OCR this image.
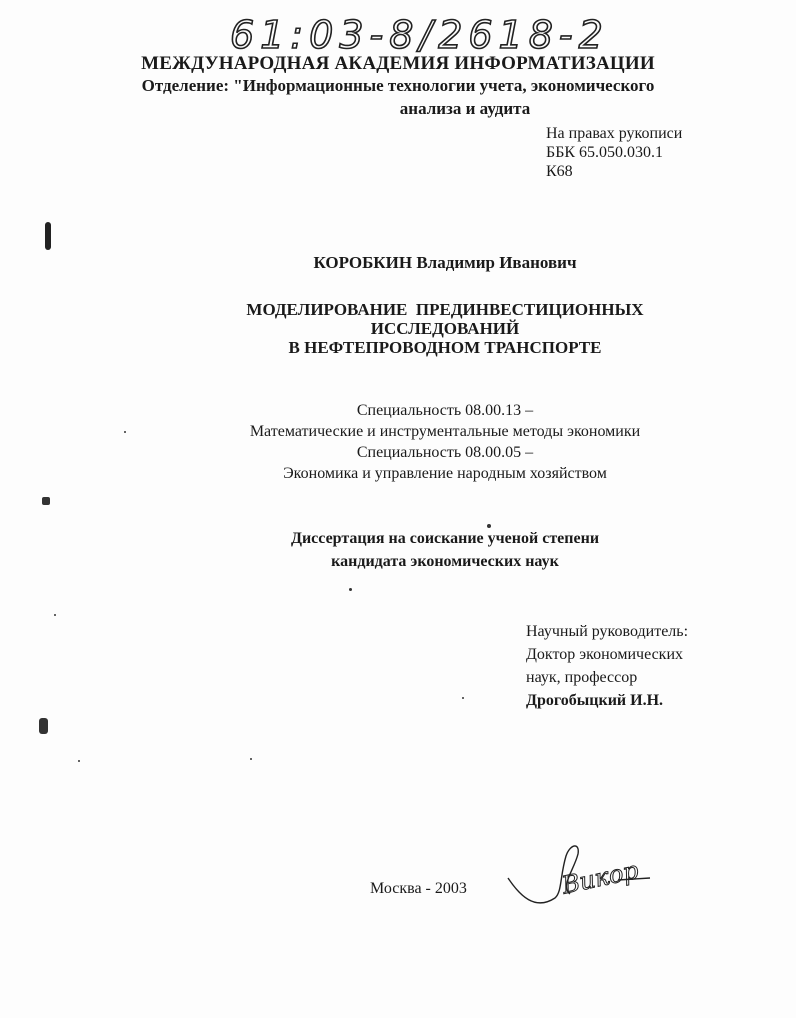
61:03-8/2618-2
МЕЖДУНАРОДНАЯ АКАДЕМИЯ ИНФОРМАТИЗАЦИИ
Отделение: "Информационные технологии учета, экономического
анализа и аудита
На правах рукописи
ББК 65.050.030.1
К68
КОРОБКИН Владимир Иванович
МОДЕЛИРОВАНИЕ  ПРЕДИНВЕСТИЦИОННЫХ
ИССЛЕДОВАНИЙ
В НЕФТЕПРОВОДНОМ ТРАНСПОРТЕ
Специальность 08.00.13 –
Математические и инструментальные методы экономики
Специальность 08.00.05 –
Экономика и управление народным хозяйством
Диссертация на соискание ученой степени
кандидата экономических наук
Научный руководитель:
Доктор экономических
наук, профессор
Дрогобыцкий И.Н.
Москва - 2003	Викор
